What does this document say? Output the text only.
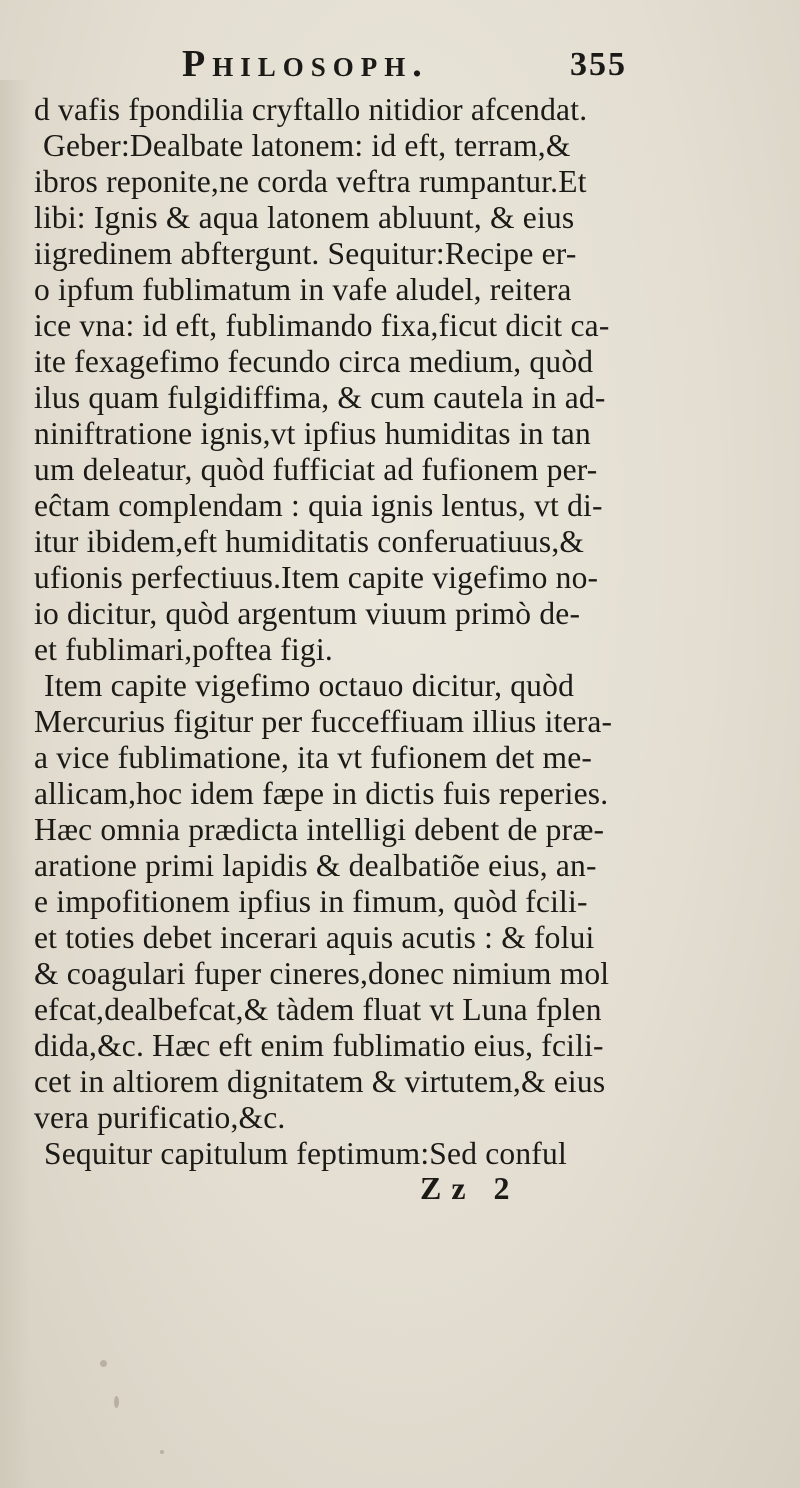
Philosoph.	355
d vafis fpondilia cryftallo nitidior afcendat.
Geber:Dealbate latonem: id eft, terram,&
ibros reponite,ne corda veftra rumpantur.Et
libi: Ignis & aqua latonem abluunt, & eius
iigredinem abftergunt. Sequitur:Recipe er-
o ipfum fublimatum in vafe aludel, reitera
ice vna: id eft, fublimando fixa,ficut dicit ca-
ite fexagefimo fecundo circa medium, quòd
ilus quam fulgidiffima, & cum cautela in ad-
niniftratione ignis,vt ipfius humiditas in tan
um deleatur, quòd fufficiat ad fufionem per-
eĉtam complendam : quia ignis lentus, vt di-
itur ibidem,eft humiditatis conferuatiuus,&
ufionis perfectiuus.Item capite vigefimo no-
io dicitur, quòd argentum viuum primò de-
et fublimari,poftea figi.
Item capite vigefimo octauo dicitur, quòd
Mercurius figitur per fucceffiuam illius itera-
a vice fublimatione, ita vt fufionem det me-
allicam,hoc idem fæpe in dictis fuis reperies.
Hæc omnia prædicta intelligi debent de præ-
aratione primi lapidis & dealbatiõe eius, an-
e impofitionem ipfius in fimum, quòd fcili-
et toties debet incerari aquis acutis : & folui
& coagulari fuper cineres,donec nimium mol
efcat,dealbefcat,& tàdem fluat vt Luna fplen
dida,&c. Hæc eft enim fublimatio eius, fcili-
cet in altiorem dignitatem & virtutem,& eius
vera purificatio,&c.
Sequitur capitulum feptimum:Sed conful
Zz 2
